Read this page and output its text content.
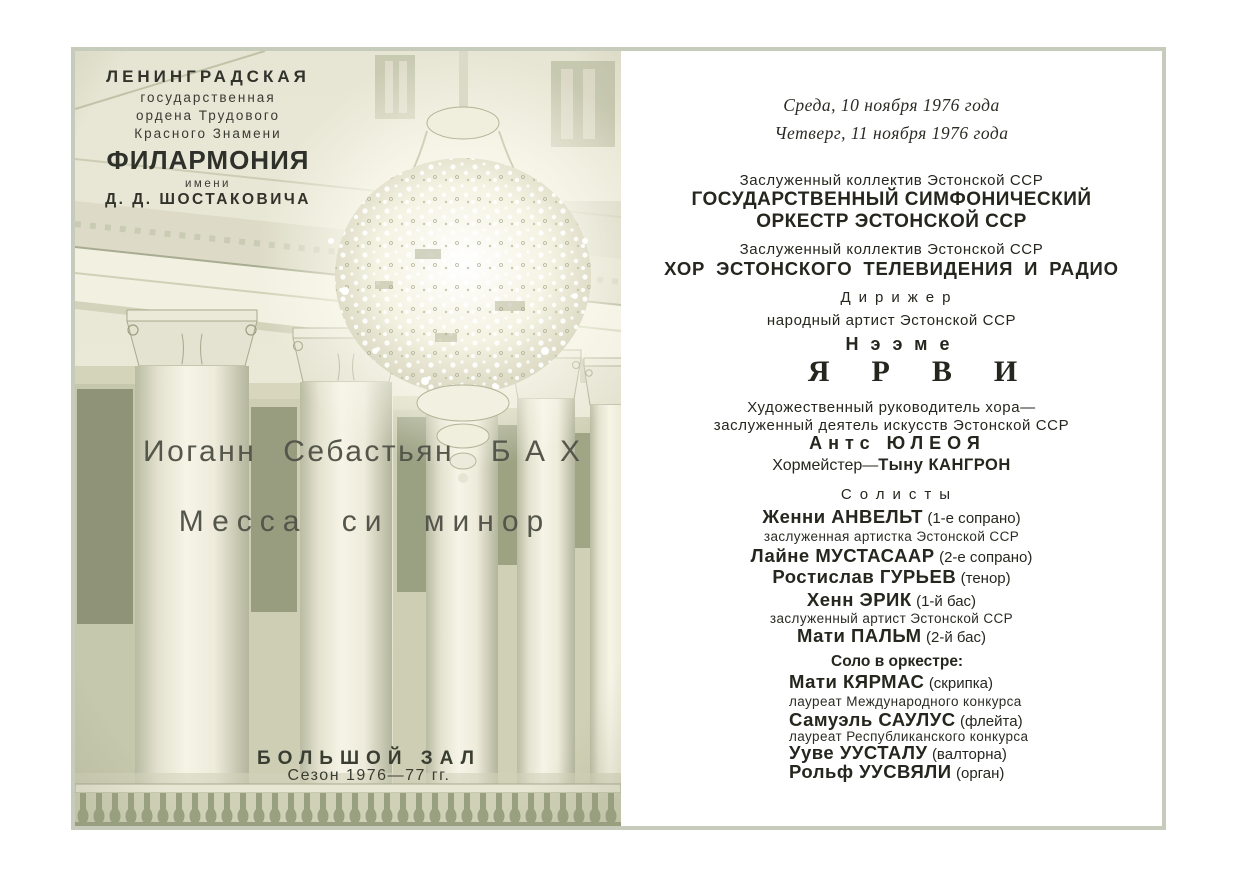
ЛЕНИНГРАДСКАЯ
государственная
ордена Трудового
Красного Знамени
ФИЛАРМОНИЯ
имени
Д. Д. ШОСТАКОВИЧА
Иоганн Себастьян БАХ
Месса си минор
БОЛЬШОЙ ЗАЛ
Сезон 1976—77 гг.
Среда, 10 ноября 1976 года
Четверг, 11 ноября 1976 года
Заслуженный коллектив Эстонской ССР
ГОСУДАРСТВЕННЫЙ СИМФОНИЧЕСКИЙ
ОРКЕСТР ЭСТОНСКОЙ ССР
Заслуженный коллектив Эстонской ССР
ХОР ЭСТОНСКОГО ТЕЛЕВИДЕНИЯ И РАДИО
Дирижер
народный артист Эстонской ССР
Нээме
ЯРВИ
Художественный руководитель хора—
заслуженный деятель искусств Эстонской ССР
Антс ЮЛЕОЯ
Хормейстер—Тыну КАНГРОН
Солисты
Женни АНВЕЛЬТ (1-е сопрано)
заслуженная артистка Эстонской ССР
Лайне МУСТАСААР (2-е сопрано)
Ростислав ГУРЬЕВ (тенор)
Хенн ЭРИК (1-й бас)
заслуженный артист Эстонской ССР
Мати ПАЛЬМ (2-й бас)
Соло в оркестре:
Мати КЯРМАС (скрипка)
лауреат Международного конкурса
Самуэль САУЛУС (флейта)
лауреат Республиканского конкурса
Ууве УУСТАЛУ (валторна)
Рольф УУСВЯЛИ (орган)
